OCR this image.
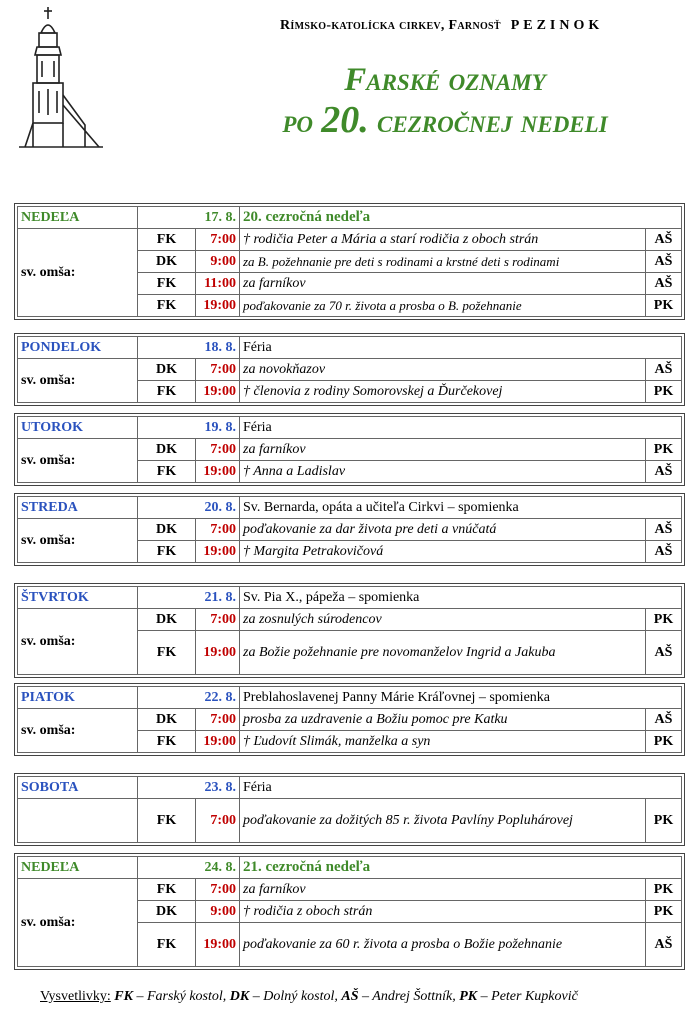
Rímsko-katolícka cirkev, Farnosť PEZINOK
Farské oznamy
po 20. cezročnej nedeli
NEDEĽA	17. 8.		20. cezročná nedeľa	
sv. omša:	FK	7:00	† rodičia Peter a Mária a starí rodičia z oboch strán	AŠ
	DK	9:00	za B. požehnanie pre deti s rodinami a krstné deti s rodinami	AŠ
	FK	11:00	za farníkov	AŠ
	FK	19:00	poďakovanie za 70 r. života a prosba o B. požehnanie	PK
PONDELOK	18. 8.		Féria	
sv. omša:	DK	7:00	za novokňazov	AŠ
	FK	19:00	† členovia z rodiny Somorovskej a Ďurčekovej	PK
UTOROK	19. 8.		Féria	
sv. omša:	DK	7:00	za farníkov	PK
	FK	19:00	† Anna a Ladislav	AŠ
STREDA	20. 8.		Sv. Bernarda, opáta a učiteľa Cirkvi – spomienka	
sv. omša:	DK	7:00	poďakovanie za dar života pre deti a vnúčatá	AŠ
	FK	19:00	† Margita Petrakovičová	AŠ
ŠTVRTOK	21. 8.		Sv. Pia X., pápeža – spomienka	
sv. omša:	DK	7:00	za zosnulých súrodencov	PK
	FK	19:00	za Božie požehnanie pre novomanželov Ingrid a Jakuba	AŠ
PIATOK	22. 8.		Preblahoslavenej Panny Márie Kráľovnej – spomienka	
sv. omša:	DK	7:00	prosba za uzdravenie a Božiu pomoc pre Katku	AŠ
	FK	19:00	† Ľudovít Slimák, manželka a syn	PK
SOBOTA	23. 8.		Féria	
	FK	7:00	poďakovanie za dožitých 85 r. života Pavlíny Popluhárovej	PK
NEDEĽA	24. 8.		21. cezročná nedeľa	
sv. omša:	FK	7:00	za farníkov	PK
	DK	9:00	† rodičia z oboch strán	PK
	FK	19:00	poďakovanie za 60 r. života a prosba o Božie požehnanie	AŠ
Vysvetlivky: FK – Farský kostol, DK – Dolný kostol, AŠ – Andrej Šottník, PK – Peter Kupkovič
